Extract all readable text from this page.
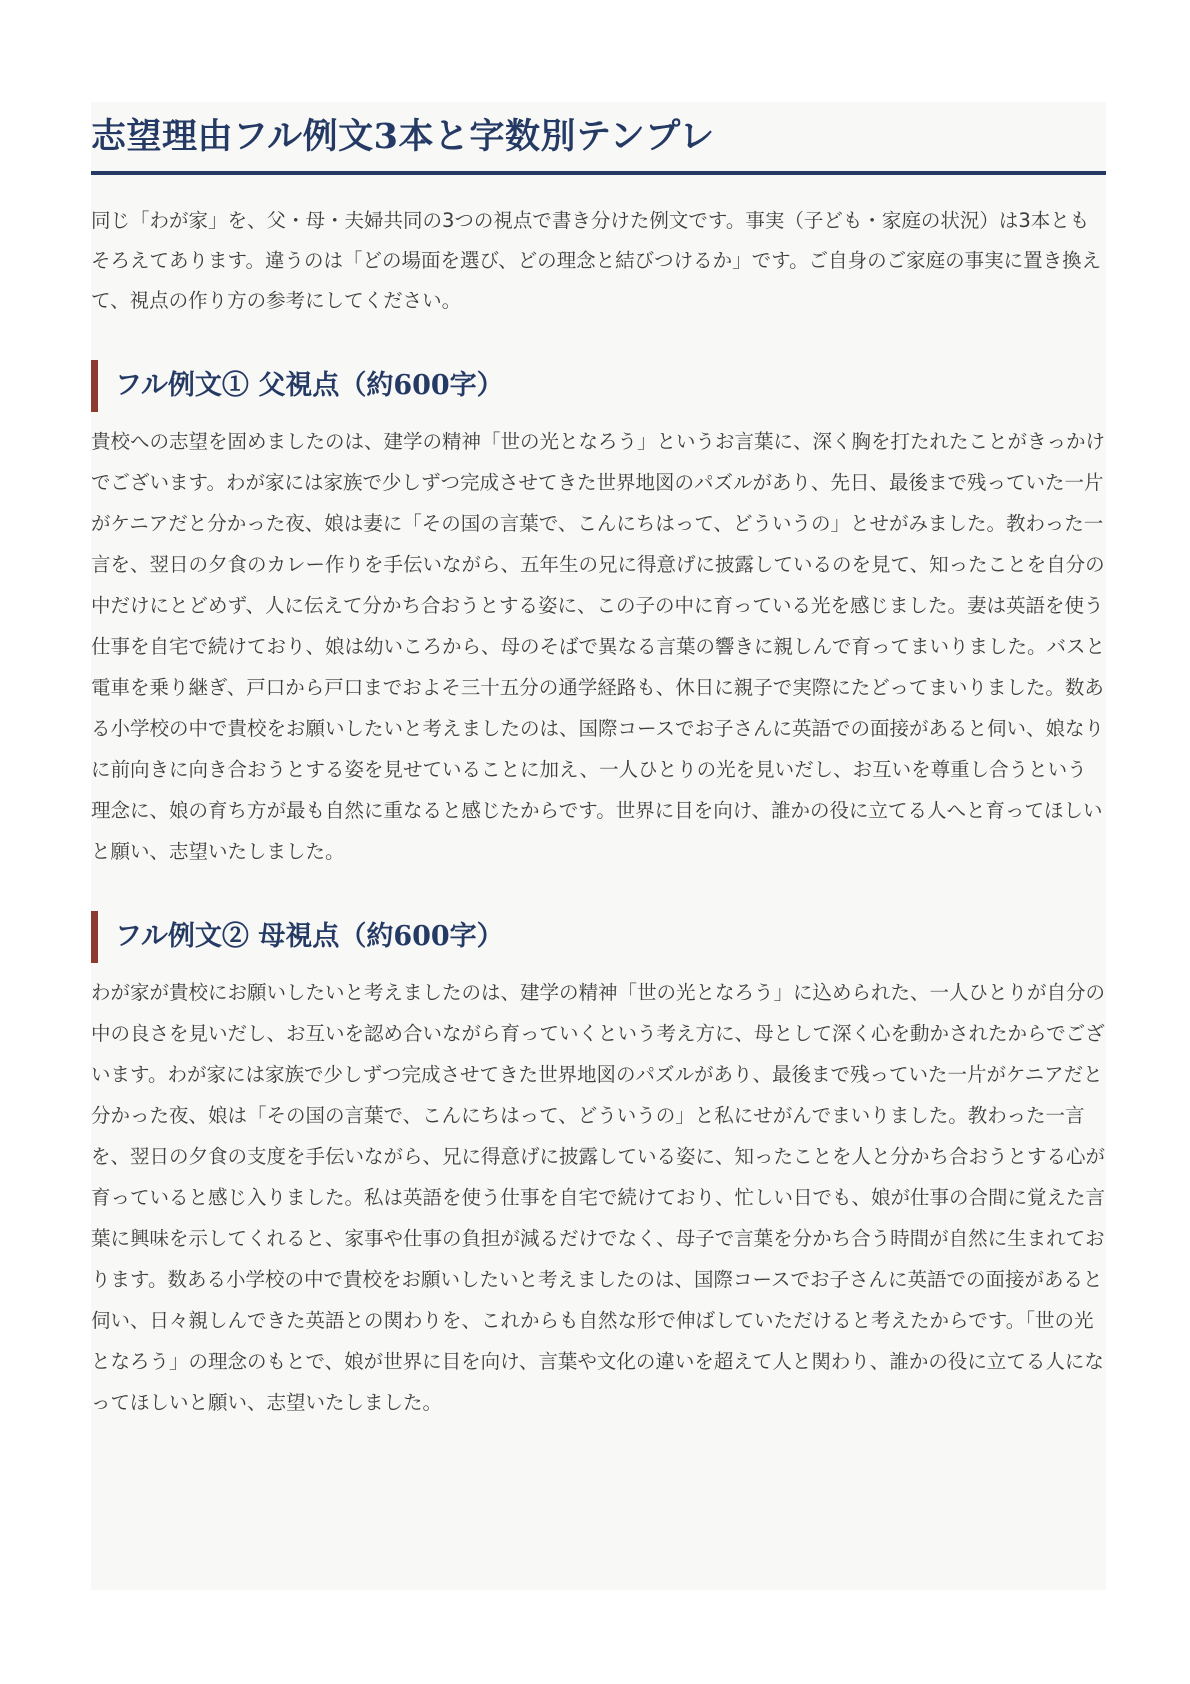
志望理由フル例文3本と字数別テンプレ

同じ「わが家」を、父・母・夫婦共同の3つの視点で書き分けた例文です。事実（子ども・家庭の状況）は3本ともそろえてあります。違うのは「どの場面を選び、どの理念と結びつけるか」です。ご自身のご家庭の事実に置き換えて、視点の作り方の参考にしてください。

フル例文① 父視点（約600字）

貴校への志望を固めましたのは、建学の精神「世の光となろう」というお言葉に、深く胸を打たれたことがきっかけでございます。わが家には家族で少しずつ完成させてきた世界地図のパズルがあり、先日、最後まで残っていた一片がケニアだと分かった夜、娘は妻に「その国の言葉で、こんにちはって、どういうの」とせがみました。教わった一言を、翌日の夕食のカレー作りを手伝いながら、五年生の兄に得意げに披露しているのを見て、知ったことを自分の中だけにとどめず、人に伝えて分かち合おうとする姿に、この子の中に育っている光を感じました。妻は英語を使う仕事を自宅で続けており、娘は幼いころから、母のそばで異なる言葉の響きに親しんで育ってまいりました。バスと電車を乗り継ぎ、戸口から戸口までおよそ三十五分の通学経路も、休日に親子で実際にたどってまいりました。数ある小学校の中で貴校をお願いしたいと考えましたのは、国際コースでお子さんに英語での面接があると伺い、娘なりに前向きに向き合おうとする姿を見せていることに加え、一人ひとりの光を見いだし、お互いを尊重し合うという理念に、娘の育ち方が最も自然に重なると感じたからです。世界に目を向け、誰かの役に立てる人へと育ってほしいと願い、志望いたしました。

フル例文② 母視点（約600字）

わが家が貴校にお願いしたいと考えましたのは、建学の精神「世の光となろう」に込められた、一人ひとりが自分の中の良さを見いだし、お互いを認め合いながら育っていくという考え方に、母として深く心を動かされたからでございます。わが家には家族で少しずつ完成させてきた世界地図のパズルがあり、最後まで残っていた一片がケニアだと分かった夜、娘は「その国の言葉で、こんにちはって、どういうの」と私にせがんでまいりました。教わった一言を、翌日の夕食の支度を手伝いながら、兄に得意げに披露している姿に、知ったことを人と分かち合おうとする心が育っていると感じ入りました。私は英語を使う仕事を自宅で続けており、忙しい日でも、娘が仕事の合間に覚えた言葉に興味を示してくれると、家事や仕事の負担が減るだけでなく、母子で言葉を分かち合う時間が自然に生まれております。数ある小学校の中で貴校をお願いしたいと考えましたのは、国際コースでお子さんに英語での面接があると伺い、日々親しんできた英語との関わりを、これからも自然な形で伸ばしていただけると考えたからです。「世の光となろう」の理念のもとで、娘が世界に目を向け、言葉や文化の違いを超えて人と関わり、誰かの役に立てる人になってほしいと願い、志望いたしました。
